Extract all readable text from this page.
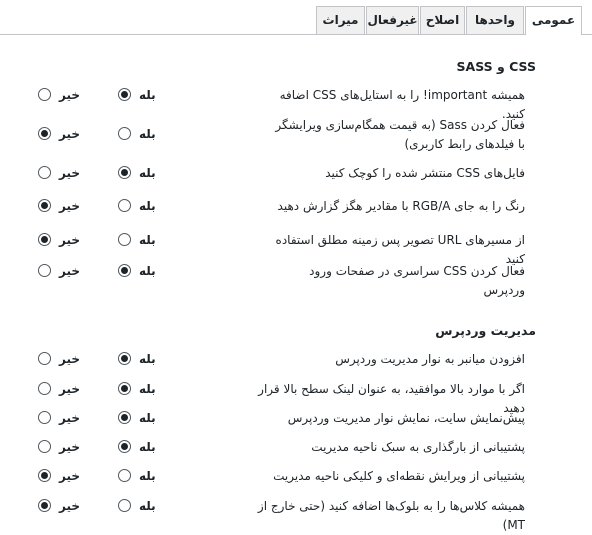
عمومی
واحدها
اصلاح
غیرفعال
میراث
CSS و SASS
همیشه important! را به استایل‌های CSS اضافه کنید.
بله
خیر
فعال کردن Sass (به قیمت همگام‌سازی ویرایشگر با فیلدهای رابط کاربری)
بله
خیر
فایل‌های CSS منتشر شده را کوچک کنید
بله
خیر
رنگ را به جای RGB/A با مقادیر هگز گزارش دهید
بله
خیر
از مسیرهای URL تصویر پس زمینه مطلق استفاده کنید
بله
خیر
فعال کردن CSS سراسری در صفحات ورود وردپرس
بله
خیر
مدیریت وردپرس
افزودن میانبر به نوار مدیریت وردپرس
بله
خیر
اگر با موارد بالا موافقید، به عنوان لینک سطح بالا قرار دهید
بله
خیر
پیش‌نمایش سایت، نمایش نوار مدیریت وردپرس
بله
خیر
پشتیبانی از بارگذاری به سبک ناحیه مدیریت
بله
خیر
پشتیبانی از ویرایش نقطه‌ای و کلیکی ناحیه مدیریت
بله
خیر
همیشه کلاس‌ها را به بلوک‌ها اضافه کنید (حتی خارج از MT)
بله
خیر
